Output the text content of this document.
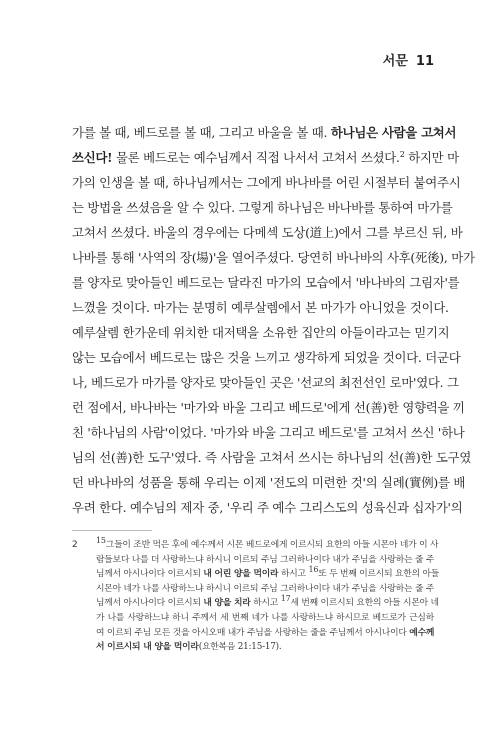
서문 11
가를 볼 때, 베드로를 볼 때, 그리고 바울을 볼 때. 하나님은 사람을 고쳐서
쓰신다! 물론 베드로는 예수님께서 직접 나서서 고쳐서 쓰셨다.$^2$ 하지만 마
가의 인생을 볼 때, 하나님께서는 그에게 바나바를 어린 시절부터 붙여주시
는 방법을 쓰셨음을 알 수 있다. 그렇게 하나님은 바나바를 통하여 마가를
고쳐서 쓰셨다. 바울의 경우에는 다메섹 도상(道上)에서 그를 부르신 뒤, 바
나바를 통해 '사역의 장(場)'을 열어주셨다. 당연히 바나바의 사후(死後), 마가
를 양자로 맞아들인 베드로는 달라진 마가의 모습에서 '바나바의 그림자'를
느꼈을 것이다. 마가는 분명히 예루살렘에서 본 마가가 아니었을 것이다.
예루살렘 한가운데 위치한 대저택을 소유한 집안의 아들이라고는 믿기지
않는 모습에서 베드로는 많은 것을 느끼고 생각하게 되었을 것이다. 더군다
나, 베드로가 마가를 양자로 맞아들인 곳은 '선교의 최전선인 로마'였다. 그
런 점에서, 바나바는 '마가와 바울 그리고 베드로'에게 선(善)한 영향력을 끼
친 '하나님의 사람'이었다. '마가와 바울 그리고 베드로'를 고쳐서 쓰신 '하나
님의 선(善)한 도구'였다. 즉 사람을 고쳐서 쓰시는 하나님의 선(善)한 도구였
던 바나바의 성품을 통해 우리는 이제 '전도의 미련한 것'의 실례(實例)를 배
우려 한다. 예수님의 제자 중, '우리 주 예수 그리스도의 성육신과 십자가'의
2 $^{15}$그들이 조반 먹은 후에 예수께서 시몬 베드로에게 이르시되 요한의 아들 시몬아 네가 이 사
람들보다 나를 더 사랑하느냐 하시니 이르되 주님 그러하나이다 내가 주님을 사랑하는 줄 주
님께서 아시나이다 이르시되 내 어린 양을 먹이라 하시고 $^{16}$또 두 번째 이르시되 요한의 아들
시몬아 네가 나를 사랑하느냐 하시니 이르되 주님 그러하나이다 내가 주님을 사랑하는 줄 주
님께서 아시나이다 이르시되 내 양을 치라 하시고 $^{17}$세 번째 이르시되 요한의 아들 시몬아 네
가 나를 사랑하느냐 하니 주께서 세 번째 네가 나를 사랑하느냐 하시므로 베드로가 근심하
여 이르되 주님 모든 것을 아시오매 내가 주님을 사랑하는 줄을 주님께서 아시나이다 예수께
서 이르시되 내 양을 먹이라(요한복음 21:15-17).
